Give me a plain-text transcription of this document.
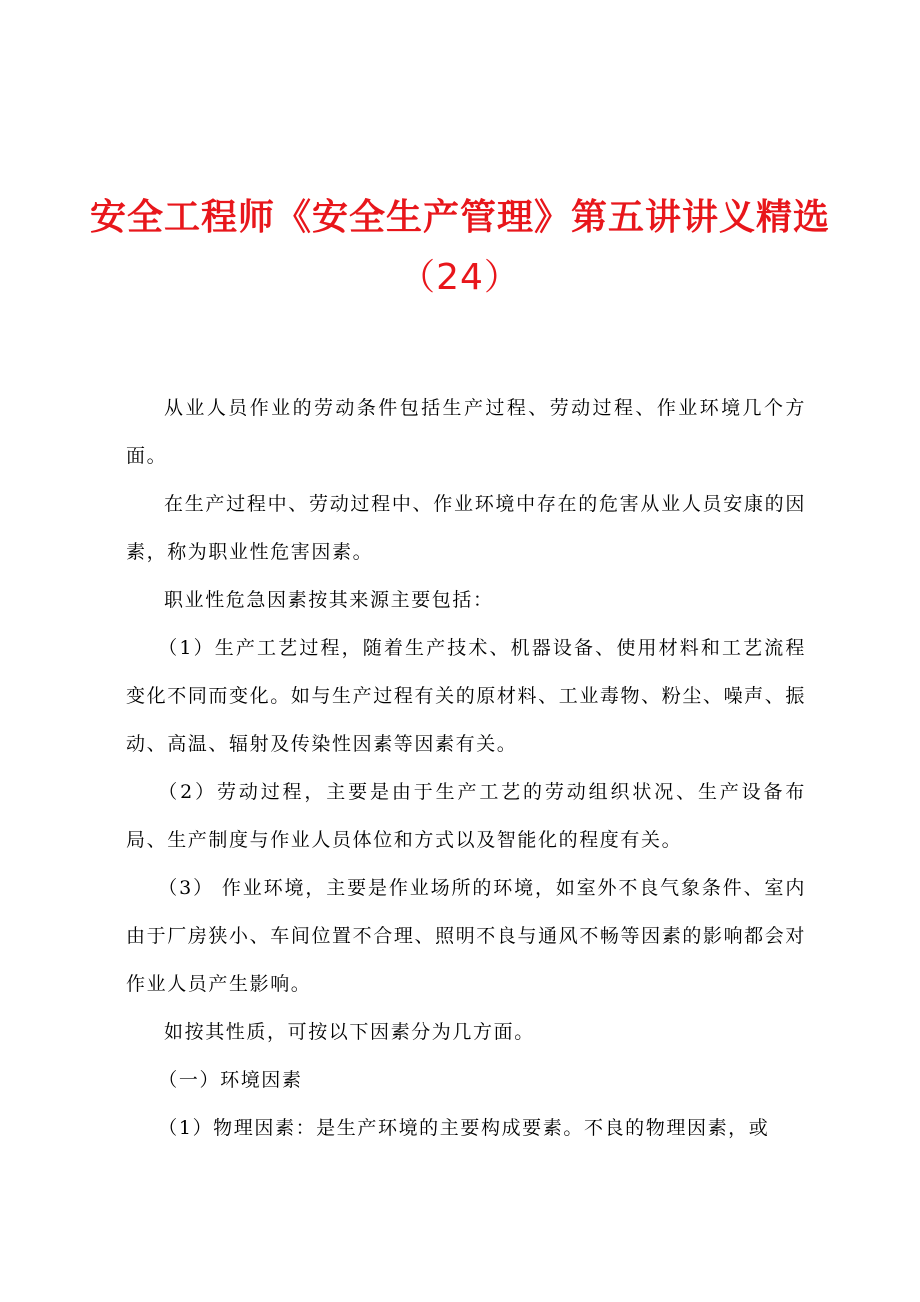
安全工程师《安全生产管理》第五讲讲义精选
（24）

从业人员作业的劳动条件包括生产过程、劳动过程、作业环境几个方面。

在生产过程中、劳动过程中、作业环境中存在的危害从业人员安康的因素，称为职业性危害因素。

职业性危急因素按其来源主要包括：

（1）生产工艺过程，随着生产技术、机器设备、使用材料和工艺流程变化不同而变化。如与生产过程有关的原材料、工业毒物、粉尘、噪声、振动、高温、辐射及传染性因素等因素有关。

（2）劳动过程，主要是由于生产工艺的劳动组织状况、生产设备布局、生产制度与作业人员体位和方式以及智能化的程度有关。

（3） 作业环境，主要是作业场所的环境，如室外不良气象条件、室内由于厂房狭小、车间位置不合理、照明不良与通风不畅等因素的影响都会对作业人员产生影响。

如按其性质，可按以下因素分为几方面。

（一）环境因素

（1）物理因素：是生产环境的主要构成要素。不良的物理因素，或
